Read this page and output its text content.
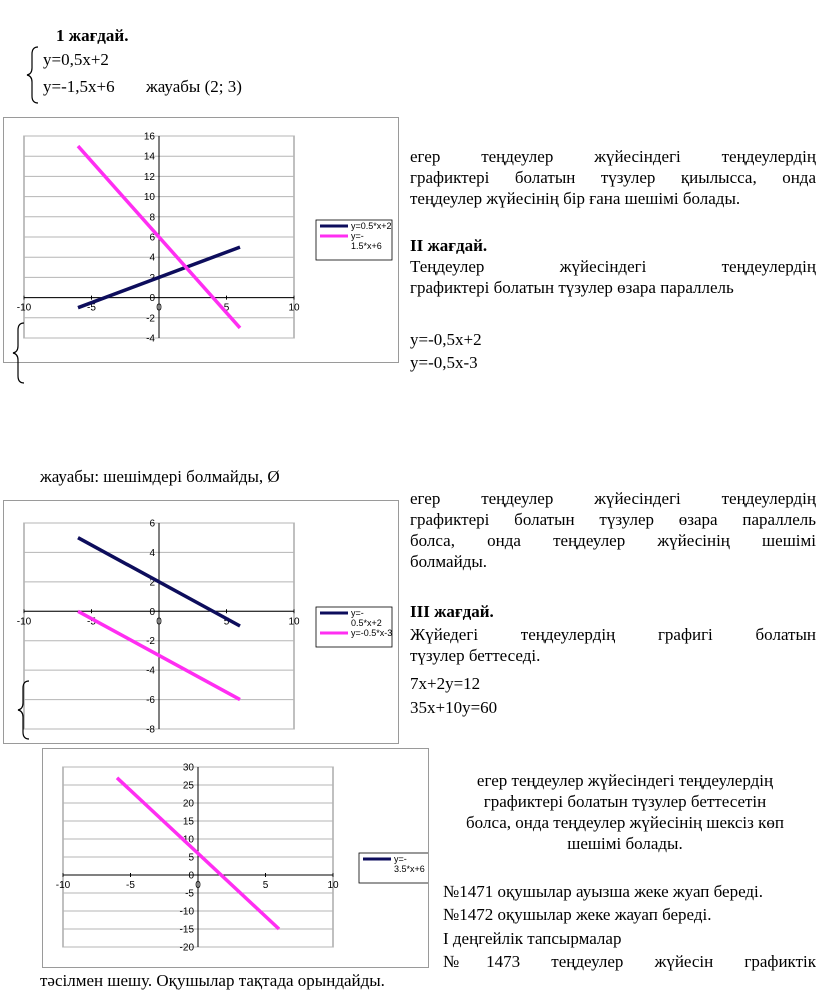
1 жағдай.
y=0,5x+2
y=-1,5x+6 жауабы (2; 3)
16
14
12
10
8
6
4
2
0
-2
-4
-10	-5	0	5	10
y=0.5*x+2
y=-
1.5*x+6
егер теңдеулер жүйесіндегі теңдеулердің
графиктері болатын түзулер қиылысса, онда
теңдеулер жүйесінің бір ғана шешімі болады.
ІІ жағдай.
Теңдеулер жүйесіндегі теңдеулердің
графиктері болатын түзулер өзара параллель
y=-0,5x+2
y=-0,5x-3
жауабы: шешімдері болмайды, Ø
6
4
2
0
-2
-4
-6
-8
-10	-5	0	5	10
y=-
0.5*x+2
y=-0.5*x-3
егер теңдеулер жүйесіндегі теңдеулердің
графиктері болатын түзулер өзара параллель
болса, онда теңдеулер жүйесінің шешімі
болмайды.
ІІІ жағдай.
Жүйедегі теңдеулердің графигі болатын
түзулер беттеседі.
7x+2y=12
35x+10y=60
30
25
20
15
10
5
0
-5
-10
-15
-20
-10	-5	0	5	10
y=-
3.5*x+6
егер теңдеулер жүйесіндегі теңдеулердің
графиктері болатын түзулер беттесетін
болса, онда теңдеулер жүйесінің шексіз көп
шешімі болады.
№1471 оқушылар ауызша жеке жуап береді.
№1472 оқушылар жеке жауап береді.
І деңгейлік тапсырмалар
№1473 теңдеулер жүйесін графиктік
тәсілмен шешу. Оқушылар тақтада орындайды.
